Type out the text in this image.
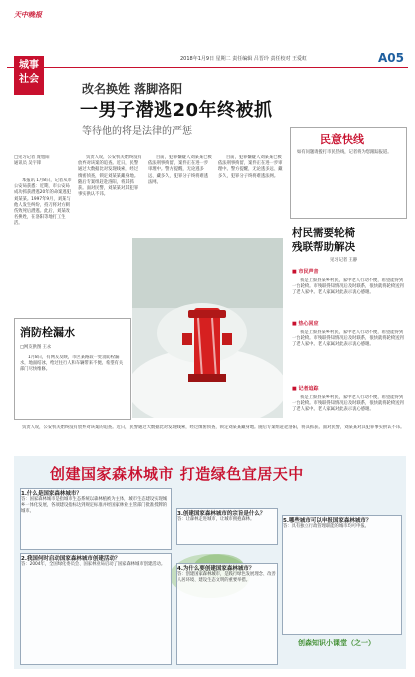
天中晚报
2018年1月9日 星期二 责任编辑 吕晋玲 责任校对 王爱虹	A05
城事
社会
改名换姓 落脚洛阳
一男子潜逃20年终被抓
等待他的将是法律的严惩
□见习记者 庞旭阳
通讯员 吴宇锋

本报讯 1月8日，记者从市公安局获悉：近期，市公安局成功抓获潜逃20年的命案逃犯刘某某。1997年9月，刘某与他人发生纠纷，持刀将对方刺伤致死后潜逃。此后，刘某改名换姓，在洛阳等地打工生活。

负责人说，公安机关始终没有放弃对该案的追查。近日，民警通过大数据比对发现线索，经过缜密侦查，锁定刘某某藏身地。随后专案组赶赴洛阳，将其抓获。面对民警，刘某某对其犯罪事实供认不讳。

目前，犯罪嫌疑人刘某某已被依法刑事拘留，案件正在进一步审理中。警方提醒，无论逃多远、藏多久，犯罪分子终将难逃法网。

目前，犯罪嫌疑人刘某某已被依法刑事拘留，案件正在进一步审理中。警方提醒，无论逃多远、藏多久，犯罪分子终将难逃法网。

民意快线
如有问题请拨打市民热线，记者将为您跟踪报道。
村民需要轮椅
残联帮助解决
见习记者 王静
■ 市民声音

我是上蔡县某乡村民，家中老人行动不便，希望能得到一台轮椅。市残联得知情况后及时联系，很快就将轮椅送到了老人家中。老人家属对此表示衷心感谢。

■ 热心回应

我是上蔡县某乡村民，家中老人行动不便，希望能得到一台轮椅。市残联得知情况后及时联系，很快就将轮椅送到了老人家中。老人家属对此表示衷心感谢。

■ 记者追踪

我是上蔡县某乡村民，家中老人行动不便，希望能得到一台轮椅。市残联得知情况后及时联系，很快就将轮椅送到了老人家中。老人家属对此表示衷心感谢。

消防栓漏水
□网友供图 王永

1月8日，有网友反映，市区某路段一处消防栓漏水，地面结冰，给过往行人和车辆带来不便。希望有关部门尽快维修。

负责人说，公安机关始终没有放弃对该案的追查。近日，民警通过大数据比对发现线索，经过缜密侦查，锁定刘某某藏身地。随后专案组赶赴洛阳，将其抓获。面对民警，刘某某对其犯罪事实供认不讳。

创建国家森林城市 打造绿色宜居天中
1.什么是国家森林城市？
答：国家森林城市是指城市生态系统以森林植被为主体，城市生态建设实现城乡一体化发展，各项建设指标达到规定标准并经国家林业主管部门批准授牌的城市。
2.我国何时启动国家森林城市创建活动？
答：2004年，全国绿化委员会、国家林业局启动了国家森林城市创建活动。
3.创建国家森林城市的宗旨是什么？
答：让森林走进城市，让城市拥抱森林。
4.为什么要创建国家森林城市？
答：创建国家森林城市，是践行绿色发展理念、改善人居环境、建设生态文明的重要举措。
5.哪些城市可以申报国家森林城市？
答：具有独立行政管理职能的城市均可申报。
创森知识小课堂（之一）
